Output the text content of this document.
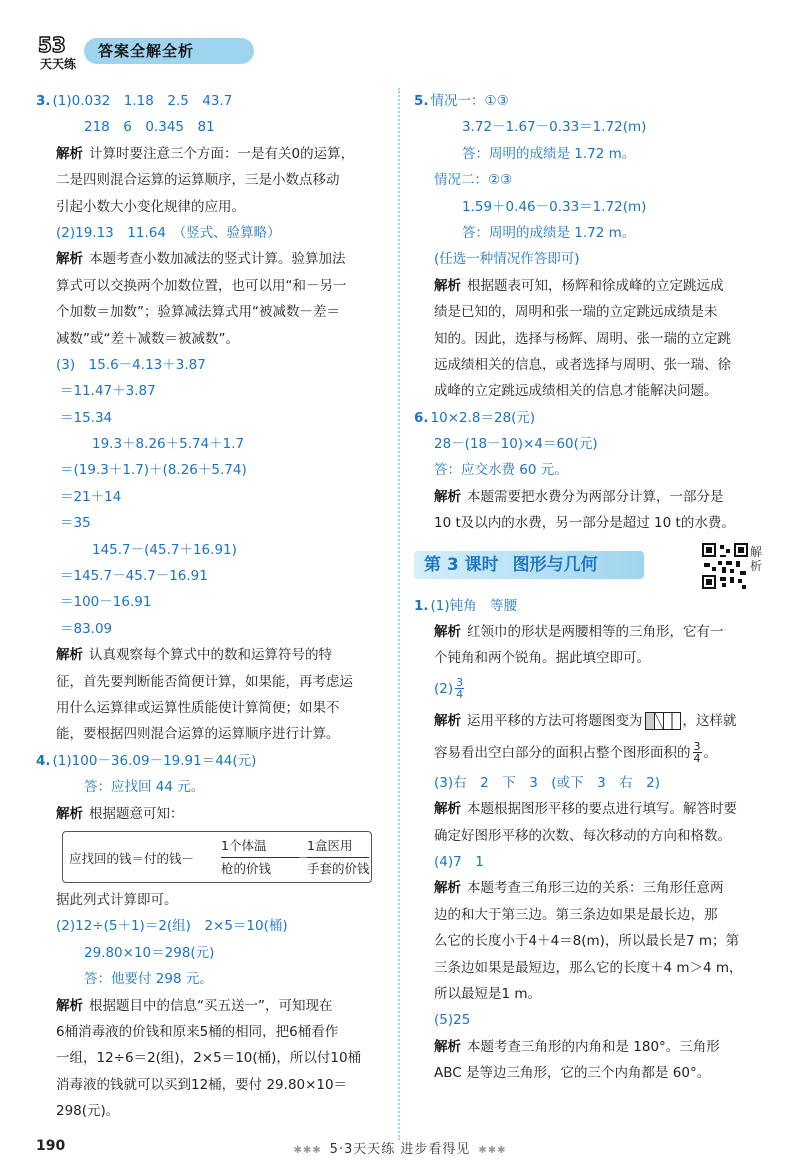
53
天天练
答案全解全析
3. (1)0.032　1.18　2.5　43.7
218　6　0.345　81
解析 计算时要注意三个方面：一是有关0的运算，
二是四则混合运算的运算顺序，三是小数点移动
引起小数大小变化规律的应用。
(2)19.13　11.64　（竖式、验算略）
解析 本题考查小数加减法的竖式计算。验算加法
算式可以交换两个加数位置，也可以用“和－另一
个加数＝加数”；验算减法算式用“被减数－差＝
减数”或“差＋减数＝被减数”。
(3)　 15.6－4.13＋3.87
＝11.47＋3.87
＝15.34
19.3＋8.26＋5.74＋1.7
＝(19.3＋1.7)＋(8.26＋5.74)
＝21＋14
＝35
145.7－(45.7＋16.91)
＝145.7－45.7－16.91
＝100－16.91
＝83.09
解析 认真观察每个算式中的数和运算符号的特
征，首先要判断能否简便计算，如果能，再考虑运
用什么运算律或运算性质能使计算简便；如果不
能，要根据四则混合运算的运算顺序进行计算。
4. (1)100－36.09－19.91＝44(元)
答：应找回 44 元。
解析 根据题意可知：
应找回的钱＝付的钱－
1个体温
枪的价钱
－
1盒医用
手套的价钱
据此列式计算即可。
(2)12÷(5＋1)＝2(组)　2×5＝10(桶)
29.80×10＝298(元)
答：他要付 298 元。
解析 根据题目中的信息“买五送一”，可知现在
6桶消毒液的价钱和原来5桶的相同，把6桶看作
一组，12÷6＝2(组)，2×5＝10(桶)，所以付10桶
消毒液的钱就可以买到12桶，要付 29.80×10＝
298(元)。
5. 情况一：①③
3.72－1.67－0.33＝1.72(m)
答：周明的成绩是 1.72 m。
情况二：②③
1.59＋0.46－0.33＝1.72(m)
答：周明的成绩是 1.72 m。
(任选一种情况作答即可)
解析 根据题表可知，杨辉和徐成峰的立定跳远成
绩是已知的，周明和张一瑞的立定跳远成绩是未
知的。因此，选择与杨辉、周明、张一瑞的立定跳
远成绩相关的信息，或者选择与周明、张一瑞、徐
成峰的立定跳远成绩相关的信息才能解决问题。
6. 10×2.8＝28(元)
28－(18－10)×4＝60(元)
答：应交水费 60 元。
解析 本题需要把水费分为两部分计算，一部分是
10 t及以内的水费，另一部分是超过 10 t的水费。
第 3 课时 图形与几何
解析
1. (1)钝角　等腰
解析 红领巾的形状是两腰相等的三角形，它有一
个钝角和两个锐角。据此填空即可。
$(2) \frac{3}{4}$
解析 运用平移的方法可将题图变为	，这样就
容易看出空白部分的面积占整个图形面积的 $\frac{3}{4}$ 。
(3)右　2　下　3　(或下　3　右　2)
解析 本题根据图形平移的要点进行填写。解答时要
确定好图形平移的次数、每次移动的方向和格数。
(4)7　1
解析 本题考查三角形三边的关系：三角形任意两
边的和大于第三边。第三条边如果是最长边，那
么它的长度小于4＋4＝8(m)，所以最长是7 m；第
三条边如果是最短边，那么它的长度＋4 m＞4 m，
所以最短是1 m。
(5)25
解析 本题考查三角形的内角和是 180°。三角形
ABC 是等边三角形，它的三个内角都是 60°。
190	✱✱✱ 5·3天天练 进步看得见 ✱✱✱
